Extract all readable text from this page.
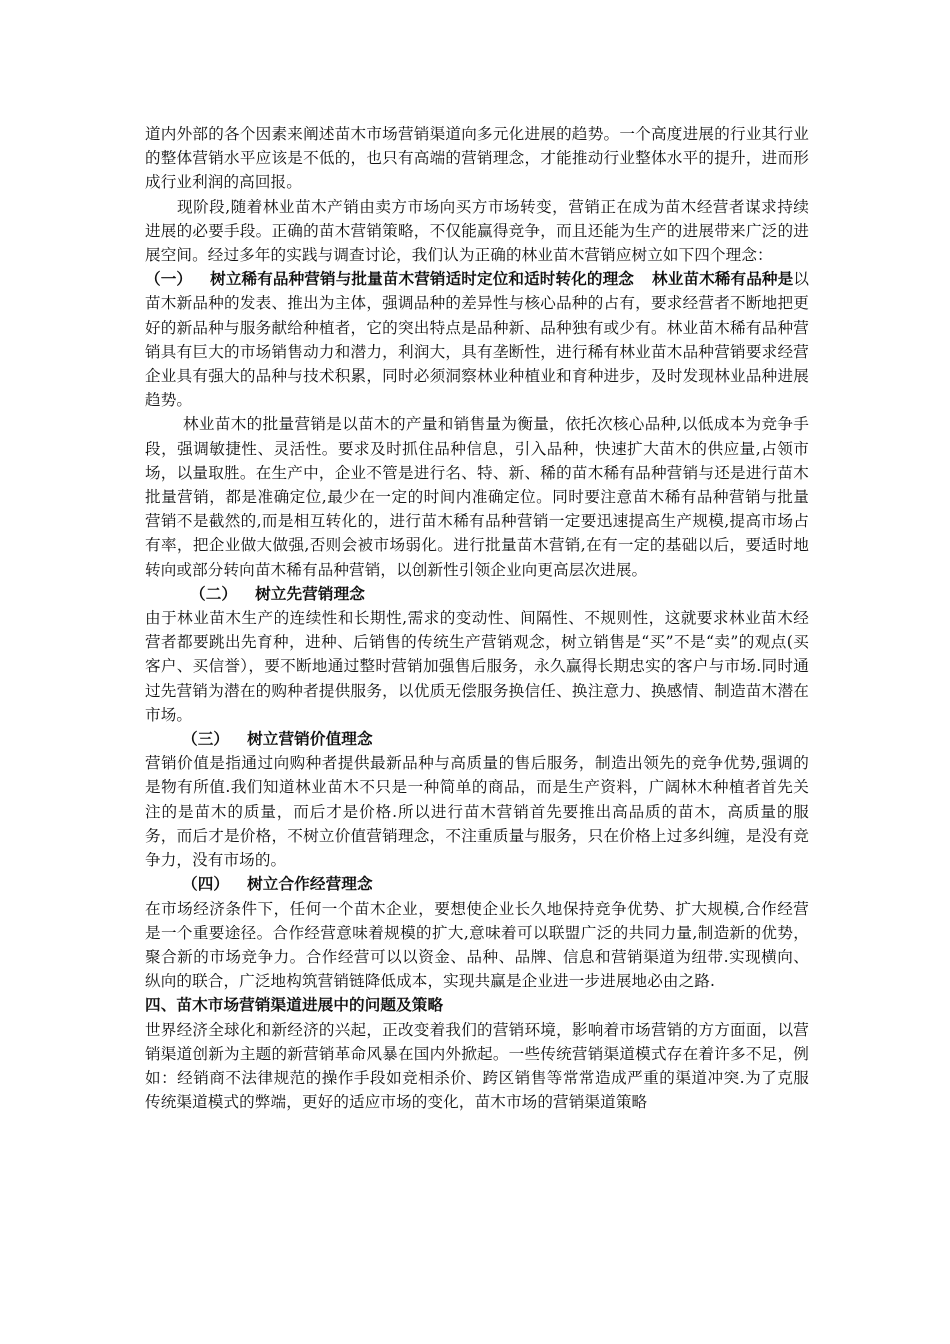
道内外部的各个因素来阐述苗木市场营销渠道向多元化进展的趋势。一个高度进展的行业其行业的整体营销水平应该是不低的，也只有高端的营销理念，才能推动行业整体水平的提升，进而形成行业利润的高回报。

现阶段,随着林业苗木产销由卖方市场向买方市场转变，营销正在成为苗木经营者谋求持续进展的必要手段。正确的苗木营销策略，不仅能赢得竞争，而且还能为生产的进展带来广泛的进展空间。经过多年的实践与调查讨论，我们认为正确的林业苗木营销应树立如下四个理念：

（一） 树立稀有品种营销与批量苗木营销适时定位和适时转化的理念 林业苗木稀有品种是以苗木新品种的发表、推出为主体，强调品种的差异性与核心品种的占有，要求经营者不断地把更好的新品种与服务献给种植者，它的突出特点是品种新、品种独有或少有。林业苗木稀有品种营销具有巨大的市场销售动力和潜力，利润大，具有垄断性，进行稀有林业苗木品种营销要求经营企业具有强大的品种与技术积累，同时必须洞察林业种植业和育种进步，及时发现林业品种进展趋势。

林业苗木的批量营销是以苗木的产量和销售量为衡量，依托次核心品种,以低成本为竞争手段，强调敏捷性、灵活性。要求及时抓住品种信息，引入品种，快速扩大苗木的供应量,占领市场，以量取胜。在生产中，企业不管是进行名、特、新、稀的苗木稀有品种营销与还是进行苗木批量营销，都是准确定位,最少在一定的时间内准确定位。同时要注意苗木稀有品种营销与批量营销不是截然的,而是相互转化的，进行苗木稀有品种营销一定要迅速提高生产规模,提高市场占有率，把企业做大做强,否则会被市场弱化。进行批量苗木营销,在有一定的基础以后，要适时地转向或部分转向苗木稀有品种营销，以创新性引领企业向更高层次进展。

（二） 树立先营销理念

由于林业苗木生产的连续性和长期性,需求的变动性、间隔性、不规则性，这就要求林业苗木经营者都要跳出先育种，进种、后销售的传统生产营销观念，树立销售是“买”不是“卖”的观点(买客户、买信誉），要不断地通过整时营销加强售后服务，永久赢得长期忠实的客户与市场.同时通过先营销为潜在的购种者提供服务，以优质无偿服务换信任、换注意力、换感情、制造苗木潜在市场。

（三） 树立营销价值理念

营销价值是指通过向购种者提供最新品种与高质量的售后服务，制造出领先的竞争优势,强调的是物有所值.我们知道林业苗木不只是一种简单的商品，而是生产资料，广阔林木种植者首先关注的是苗木的质量，而后才是价格.所以进行苗木营销首先要推出高品质的苗木，高质量的服务，而后才是价格，不树立价值营销理念，不注重质量与服务，只在价格上过多纠缠，是没有竞争力，没有市场的。

（四） 树立合作经营理念

在市场经济条件下，任何一个苗木企业，要想使企业长久地保持竞争优势、扩大规模,合作经营是一个重要途径。合作经营意味着规模的扩大,意味着可以联盟广泛的共同力量,制造新的优势，聚合新的市场竞争力。合作经营可以以资金、品种、品牌、信息和营销渠道为纽带.实现横向、纵向的联合，广泛地构筑营销链降低成本，实现共赢是企业进一步进展地必由之路.

四、苗木市场营销渠道进展中的问题及策略

世界经济全球化和新经济的兴起，正改变着我们的营销环境，影响着市场营销的方方面面，以营销渠道创新为主题的新营销革命风暴在国内外掀起。一些传统营销渠道模式存在着许多不足，例如：经销商不法律规范的操作手段如竞相杀价、跨区销售等常常造成严重的渠道冲突.为了克服传统渠道模式的弊端，更好的适应市场的变化，苗木市场的营销渠道策略
